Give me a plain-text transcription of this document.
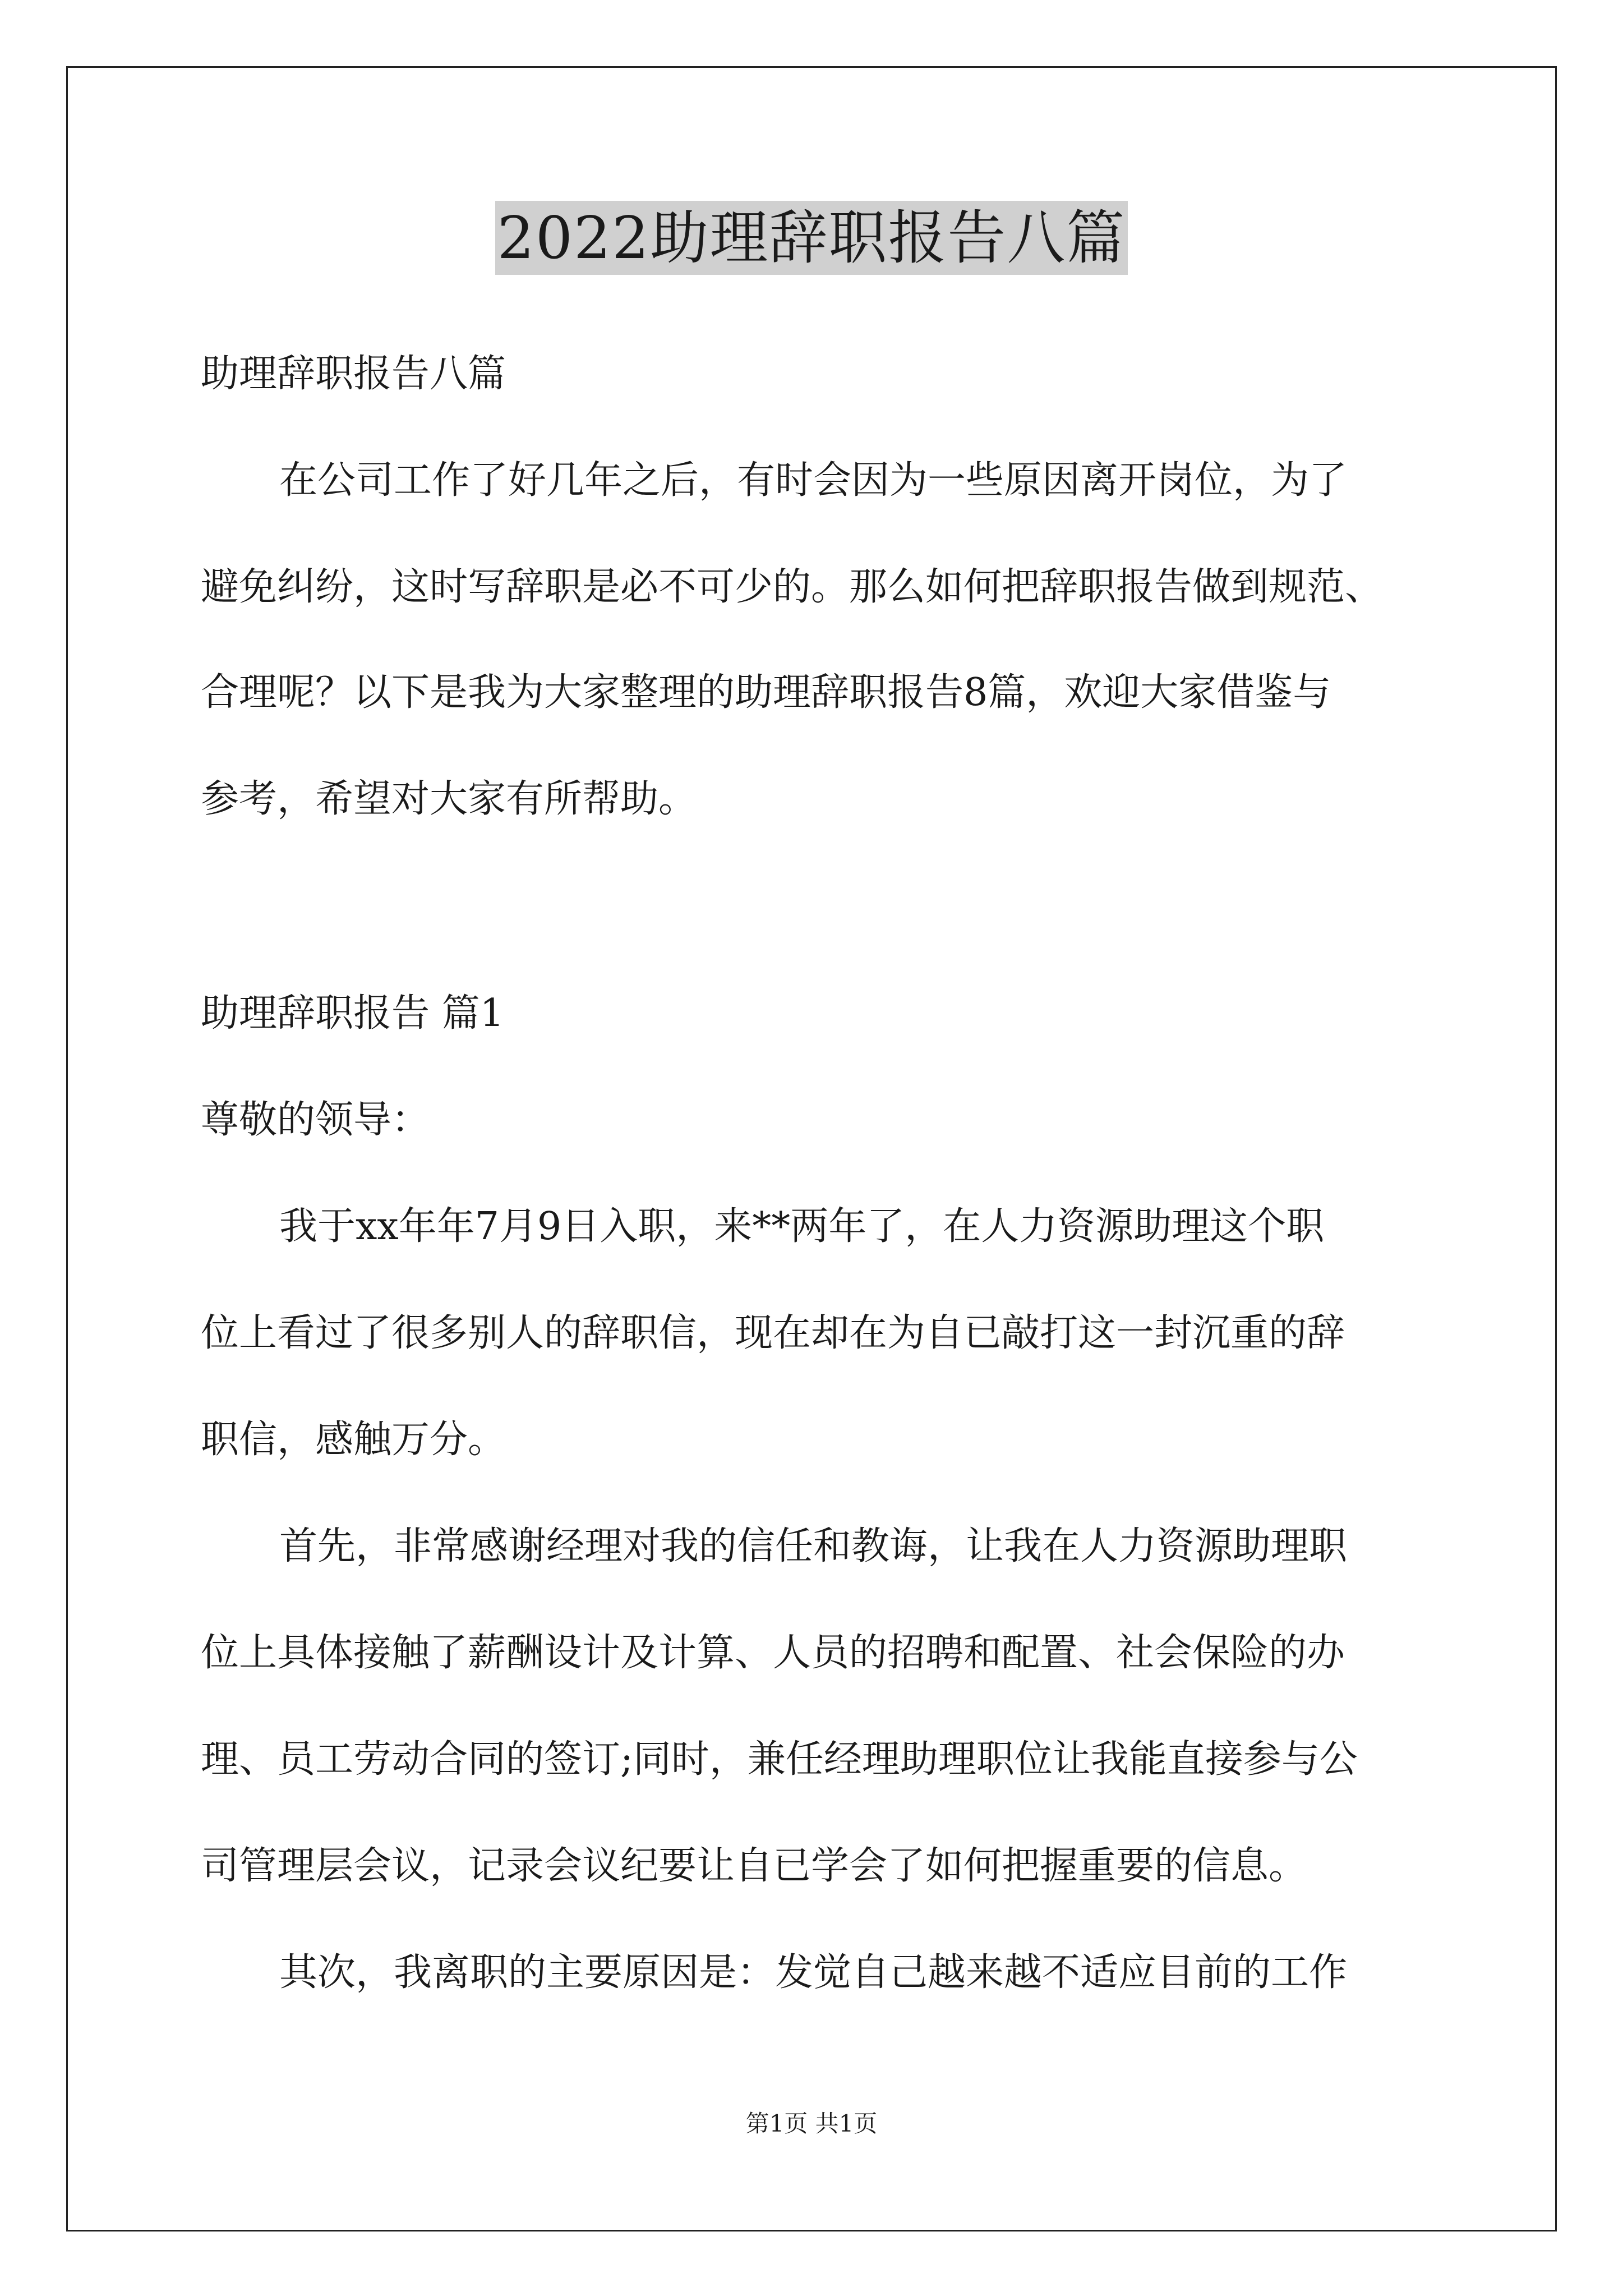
2022助理辞职报告八篇
助理辞职报告八篇
在公司工作了好几年之后，有时会因为一些原因离开岗位，为了
避免纠纷，这时写辞职是必不可少的。那么如何把辞职报告做到规范、
合理呢？以下是我为大家整理的助理辞职报告8篇，欢迎大家借鉴与
参考，希望对大家有所帮助。
助理辞职报告 篇1
尊敬的领导：
我于xx年年7月9日入职，来**两年了，在人力资源助理这个职
位上看过了很多别人的辞职信，现在却在为自已敲打这一封沉重的辞
职信，感触万分。
首先，非常感谢经理对我的信任和教诲，让我在人力资源助理职
位上具体接触了薪酬设计及计算、人员的招聘和配置、社会保险的办
理、员工劳动合同的签订;同时，兼任经理助理职位让我能直接参与公
司管理层会议，记录会议纪要让自已学会了如何把握重要的信息。
其次，我离职的主要原因是：发觉自己越来越不适应目前的工作
第1页 共1页
